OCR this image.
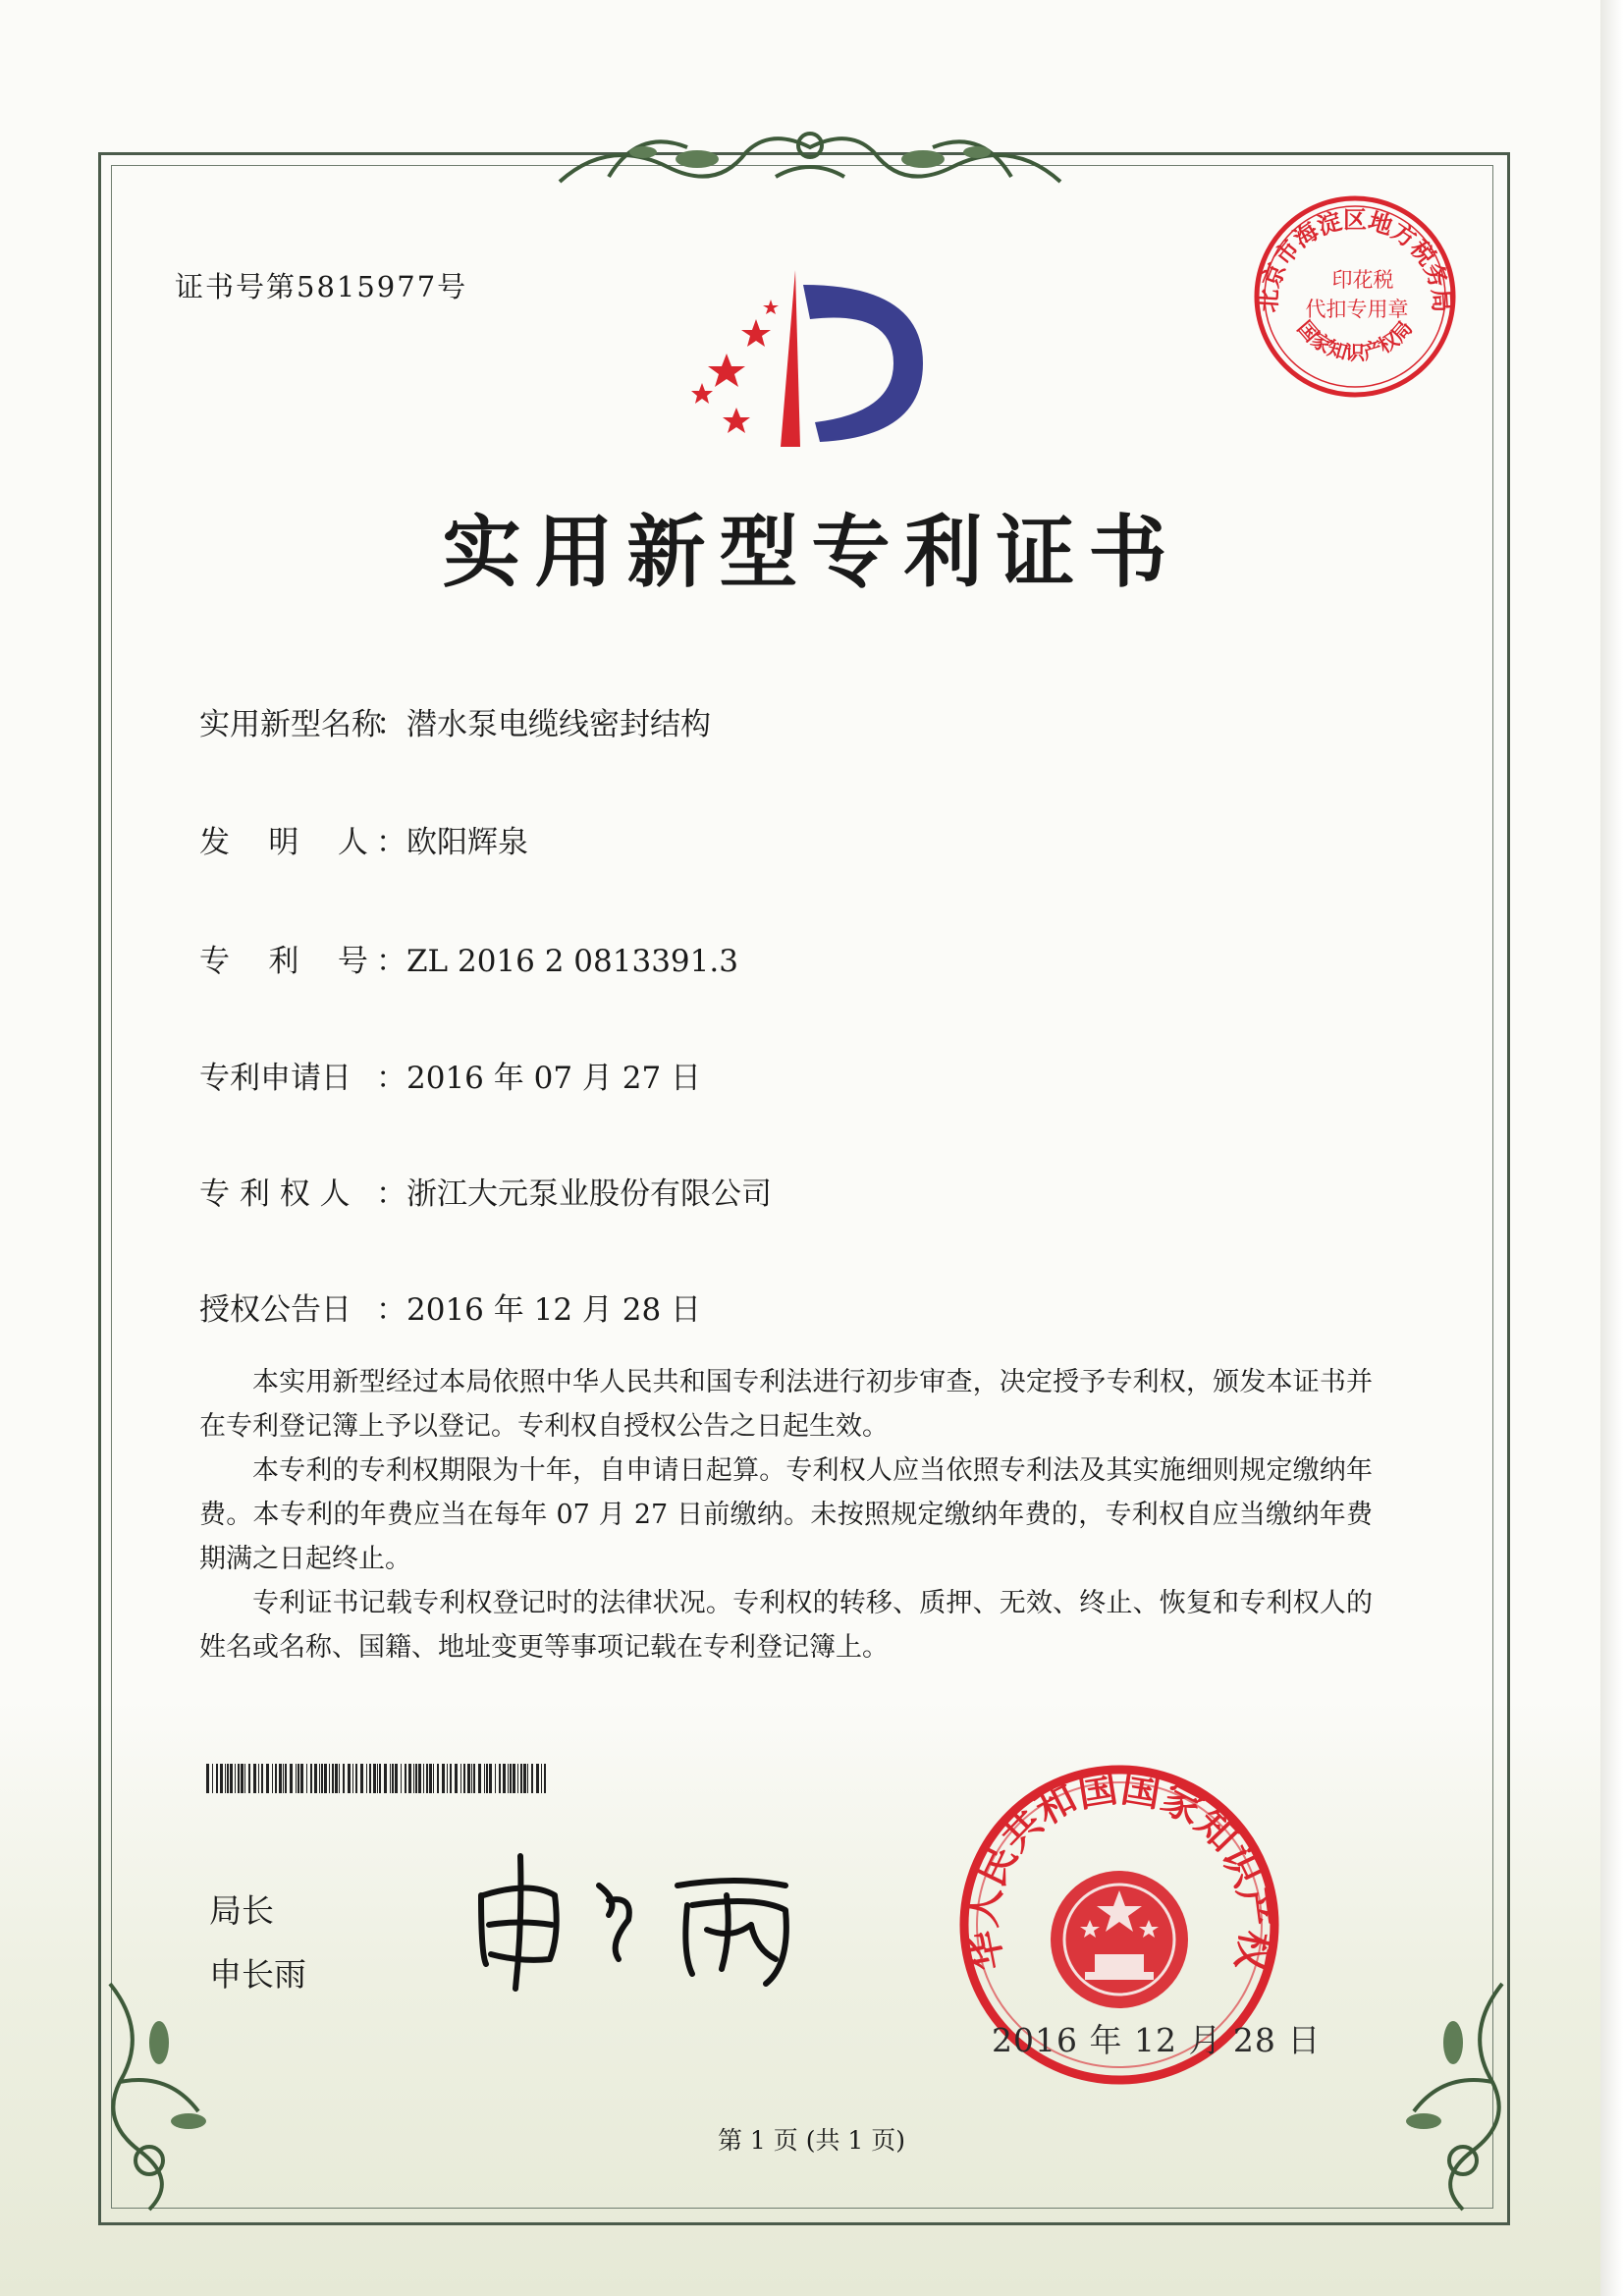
证书号第5815977号	北京市海淀区地方税务局
国家知识产权局
印花税
代扣专用章
实用新型专利证书
实用新型名称：潜水泵电缆线密封结构
发    明    人 ：欧阳辉泉
专    利    号 ：ZL 2016 2 0813391.3
专利申请日 ：2016 年 07 月 27 日
专 利 权 人 ：浙江大元泵业股份有限公司
授权公告日 ：2016 年 12 月 28 日

本实用新型经过本局依照中华人民共和国专利法进行初步审查，决定授予专利权，颁发本证书并在专利登记簿上予以登记。专利权自授权公告之日起生效。

本专利的专利权期限为十年，自申请日起算。专利权人应当依照专利法及其实施细则规定缴纳年费。本专利的年费应当在每年 07 月 27 日前缴纳。未按照规定缴纳年费的，专利权自应当缴纳年费期满之日起终止。

专利证书记载专利权登记时的法律状况。专利权的转移、质押、无效、终止、恢复和专利权人的姓名或名称、国籍、地址变更等事项记载在专利登记簿上。

局长
申长雨
华人民共和国国家知识产权
2016 年 12 月 28 日
第 1 页 (共 1 页)
